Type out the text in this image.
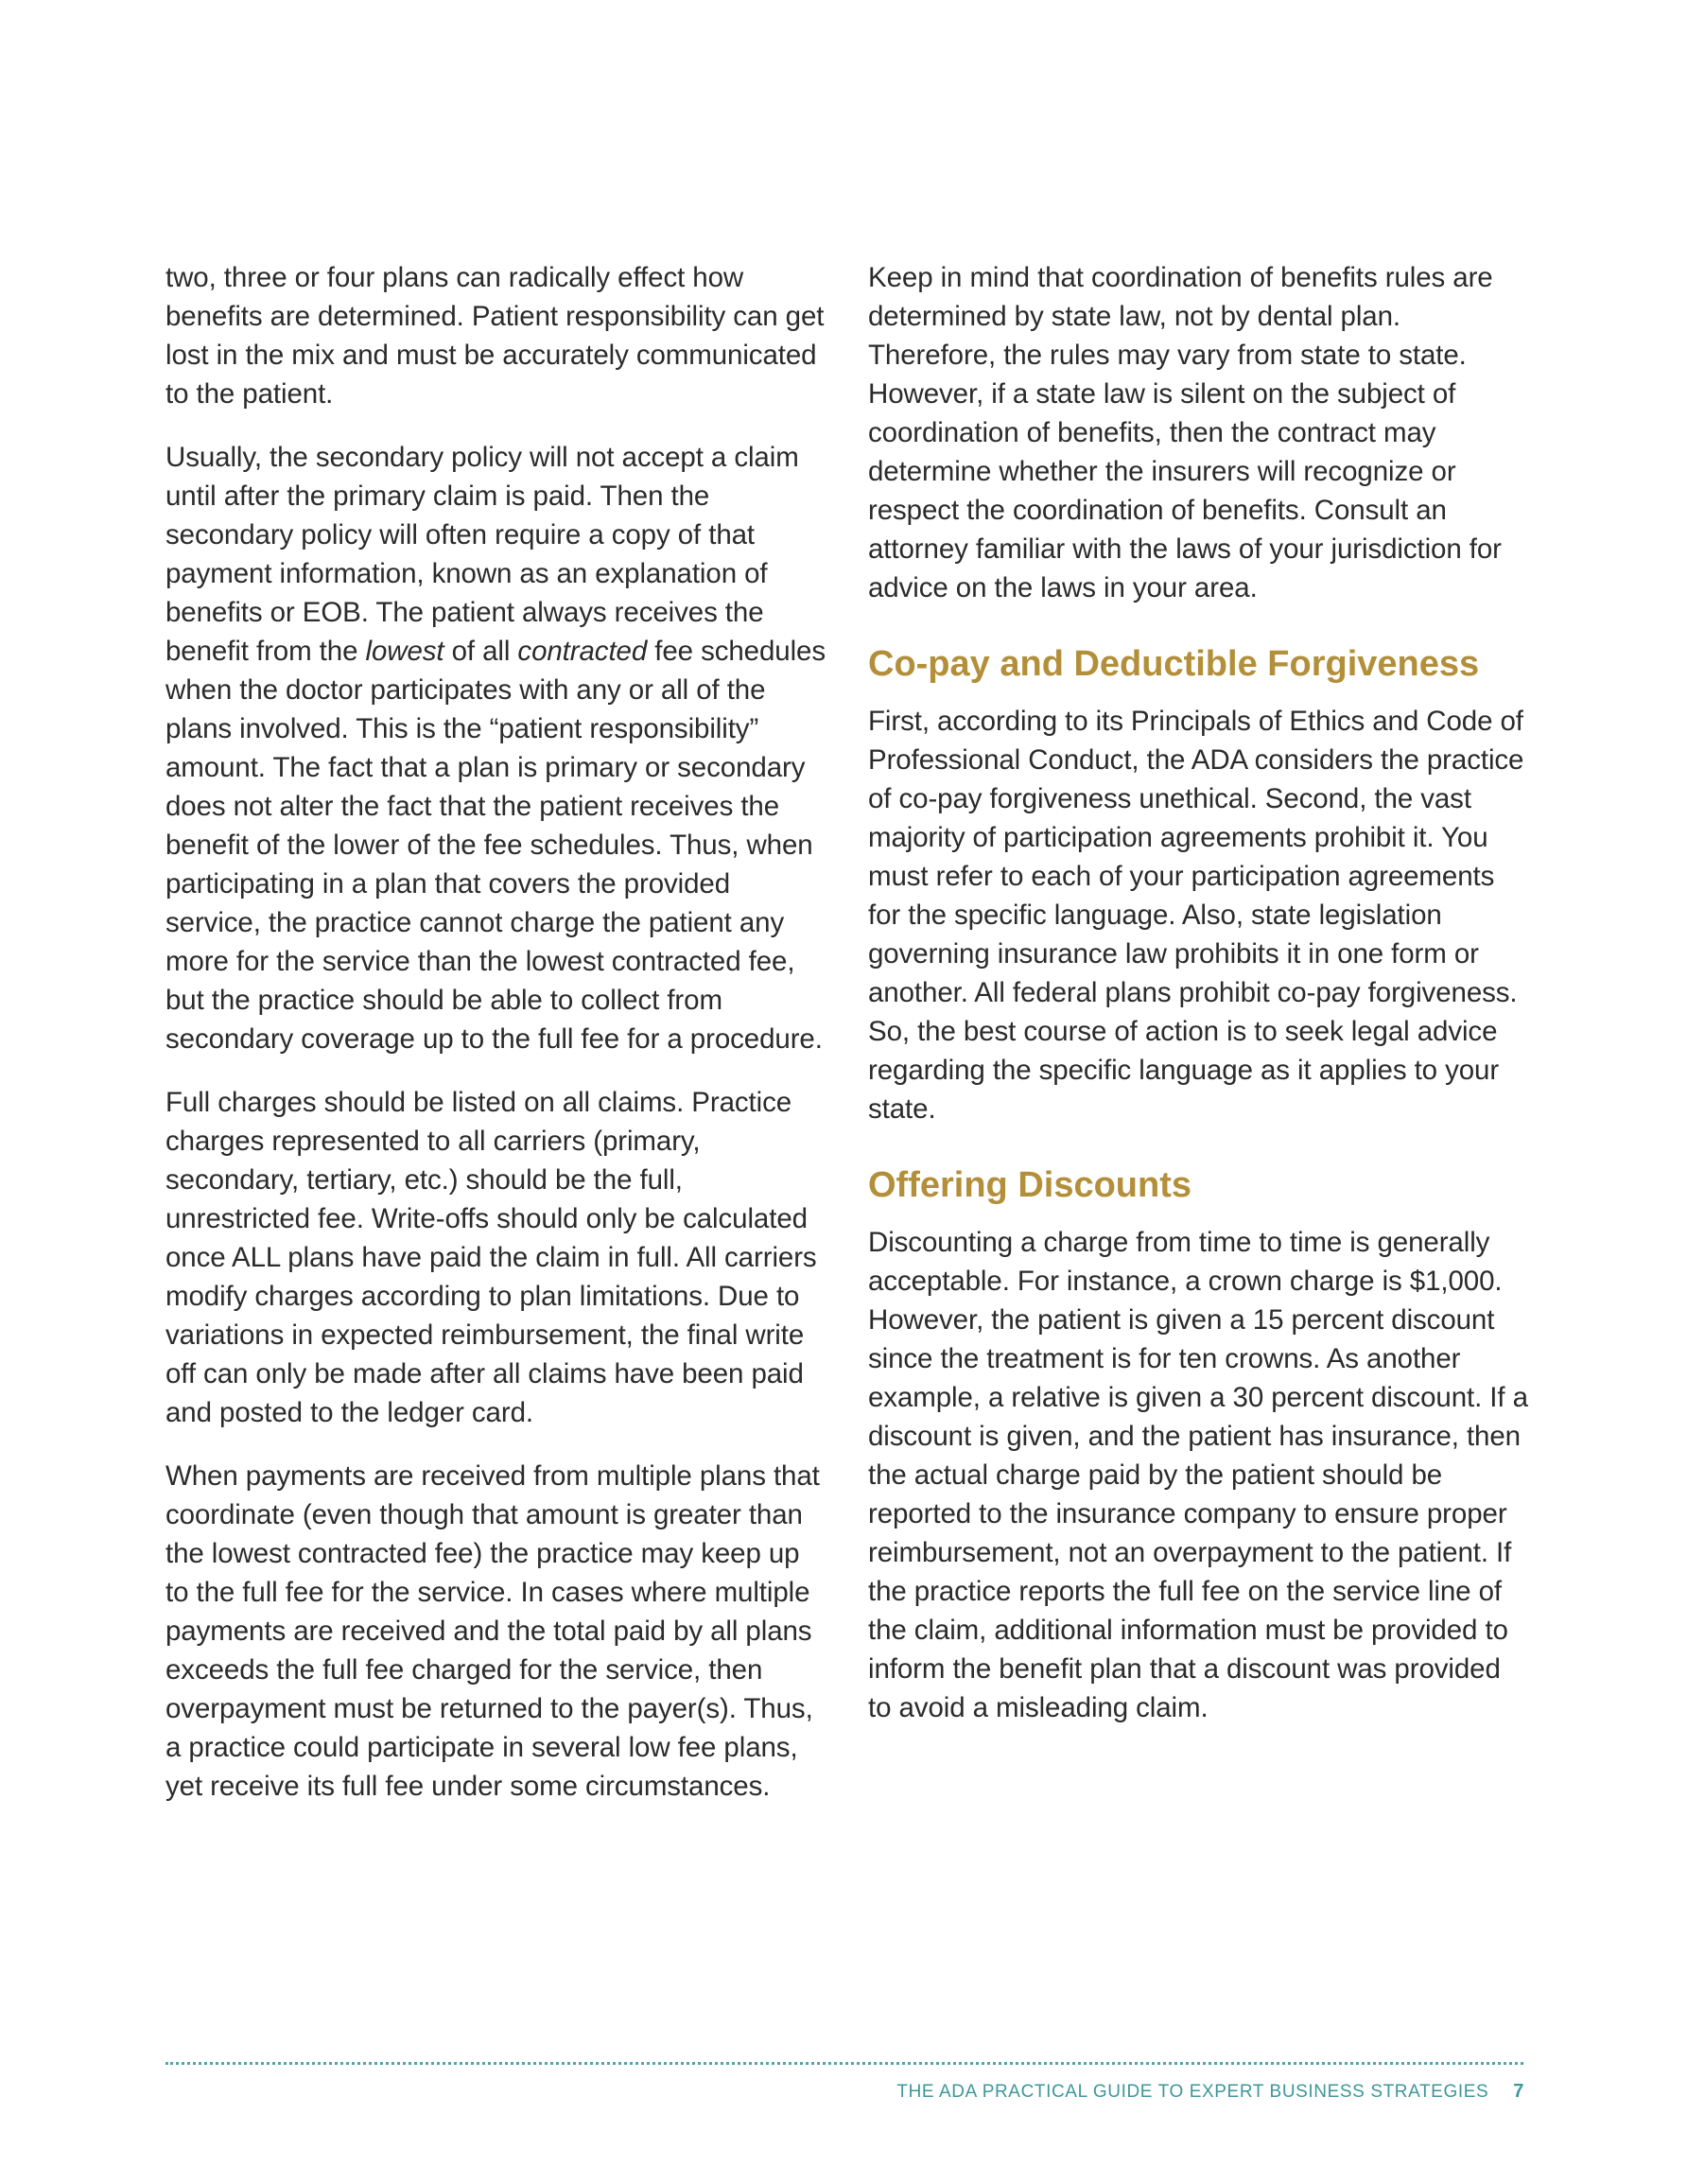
two, three or four plans can radically effect how benefits are determined. Patient responsibility can get lost in the mix and must be accurately communicated to the patient.

Usually, the secondary policy will not accept a claim until after the primary claim is paid. Then the secondary policy will often require a copy of that payment information, known as an explanation of benefits or EOB. The patient always receives the benefit from the lowest of all contracted fee schedules when the doctor participates with any or all of the plans involved. This is the “patient responsibility” amount. The fact that a plan is primary or secondary does not alter the fact that the patient receives the benefit of the lower of the fee schedules. Thus, when participating in a plan that covers the provided service, the practice cannot charge the patient any more for the service than the lowest contracted fee, but the practice should be able to collect from secondary coverage up to the full fee for a procedure.

Full charges should be listed on all claims. Practice charges represented to all carriers (primary, secondary, tertiary, etc.) should be the full, unrestricted fee. Write-offs should only be calculated once ALL plans have paid the claim in full. All carriers modify charges according to plan limitations. Due to variations in expected reimbursement, the final write off can only be made after all claims have been paid and posted to the ledger card.

When payments are received from multiple plans that coordinate (even though that amount is greater than the lowest contracted fee) the practice may keep up to the full fee for the service. In cases where multiple payments are received and the total paid by all plans exceeds the full fee charged for the service, then overpayment must be returned to the payer(s). Thus, a practice could participate in several low fee plans, yet receive its full fee under some circumstances.

Keep in mind that coordination of benefits rules are determined by state law, not by dental plan. Therefore, the rules may vary from state to state. However, if a state law is silent on the subject of coordination of benefits, then the contract may determine whether the insurers will recognize or respect the coordination of benefits. Consult an attorney familiar with the laws of your jurisdiction for advice on the laws in your area.

Co-pay and Deductible Forgiveness

First, according to its Principals of Ethics and Code of Professional Conduct, the ADA considers the practice of co-pay forgiveness unethical. Second, the vast majority of participation agreements prohibit it. You must refer to each of your participation agreements for the specific language. Also, state legislation governing insurance law prohibits it in one form or another. All federal plans prohibit co-pay forgiveness. So, the best course of action is to seek legal advice regarding the specific language as it applies to your state.

Offering Discounts

Discounting a charge from time to time is generally acceptable. For instance, a crown charge is $1,000. However, the patient is given a 15 percent discount since the treatment is for ten crowns. As another example, a relative is given a 30 percent discount. If a discount is given, and the patient has insurance, then the actual charge paid by the patient should be reported to the insurance company to ensure proper reimbursement, not an overpayment to the patient. If the practice reports the full fee on the service line of the claim, additional information must be provided to inform the benefit plan that a discount was provided to avoid a misleading claim.

THE ADA PRACTICAL GUIDE TO EXPERT BUSINESS STRATEGIES 7
